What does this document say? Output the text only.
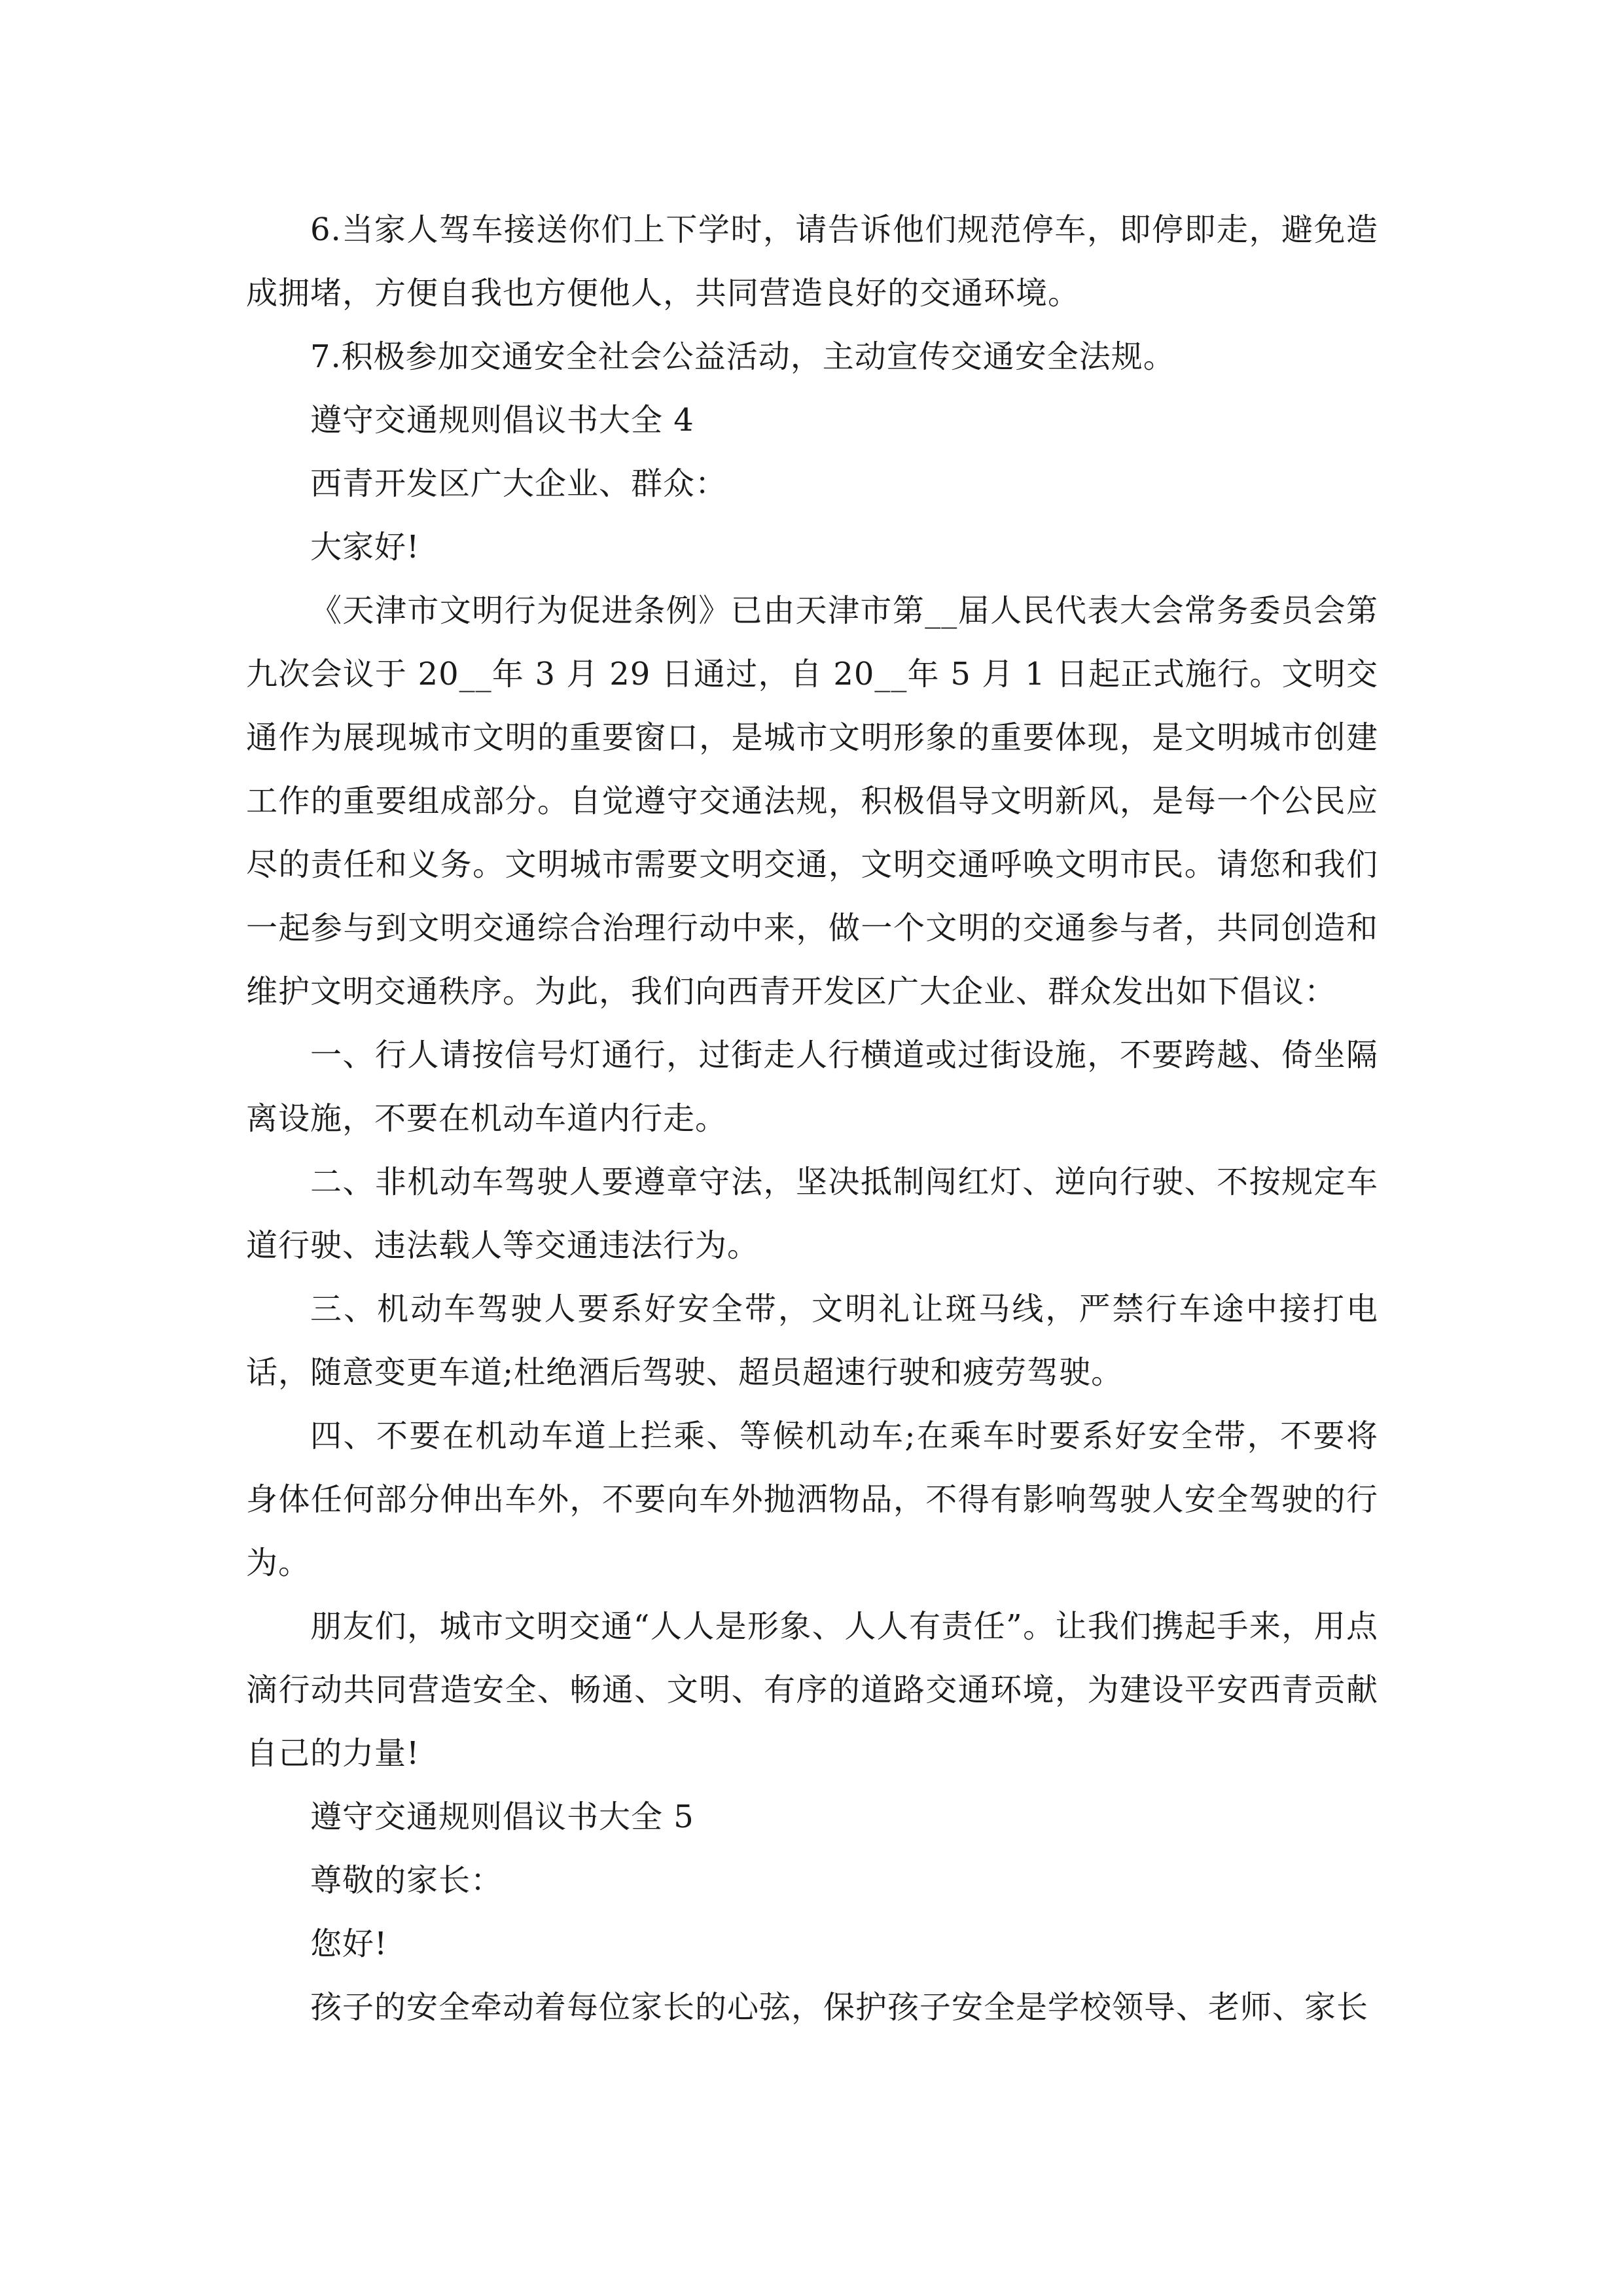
6.当家人驾车接送你们上下学时，请告诉他们规范停车，即停即走，避免造成拥堵，方便自我也方便他人，共同营造良好的交通环境。

7.积极参加交通安全社会公益活动，主动宣传交通安全法规。

遵守交通规则倡议书大全 4

西青开发区广大企业、群众：

大家好!

《天津市文明行为促进条例》已由天津市第__届人民代表大会常务委员会第九次会议于 20__年 3 月 29 日通过，自 20__年 5 月 1 日起正式施行。文明交通作为展现城市文明的重要窗口，是城市文明形象的重要体现，是文明城市创建工作的重要组成部分。自觉遵守交通法规，积极倡导文明新风，是每一个公民应尽的责任和义务。文明城市需要文明交通，文明交通呼唤文明市民。请您和我们一起参与到文明交通综合治理行动中来，做一个文明的交通参与者，共同创造和维护文明交通秩序。为此，我们向西青开发区广大企业、群众发出如下倡议：

一、行人请按信号灯通行，过街走人行横道或过街设施，不要跨越、倚坐隔离设施，不要在机动车道内行走。

二、非机动车驾驶人要遵章守法，坚决抵制闯红灯、逆向行驶、不按规定车道行驶、违法载人等交通违法行为。

三、机动车驾驶人要系好安全带，文明礼让斑马线，严禁行车途中接打电话，随意变更车道;杜绝酒后驾驶、超员超速行驶和疲劳驾驶。

四、不要在机动车道上拦乘、等候机动车;在乘车时要系好安全带，不要将身体任何部分伸出车外，不要向车外抛洒物品，不得有影响驾驶人安全驾驶的行为。

朋友们，城市文明交通“人人是形象、人人有责任”。让我们携起手来，用点滴行动共同营造安全、畅通、文明、有序的道路交通环境，为建设平安西青贡献自己的力量!

遵守交通规则倡议书大全 5

尊敬的家长：

您好!

孩子的安全牵动着每位家长的心弦，保护孩子安全是学校领导、老师、家长
